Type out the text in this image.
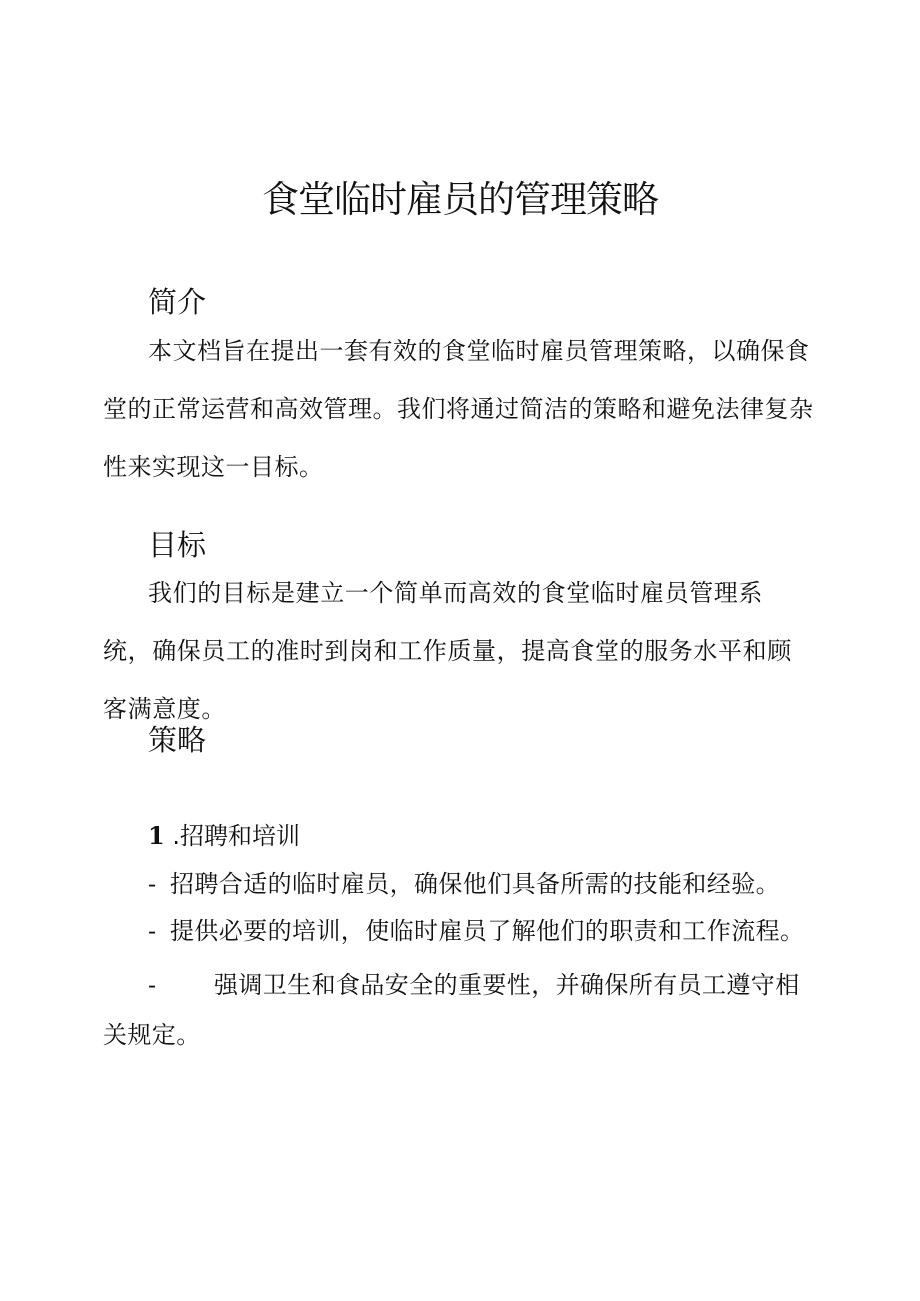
食堂临时雇员的管理策略
简介

本文档旨在提出一套有效的食堂临时雇员管理策略，以确保食堂的正常运营和高效管理。我们将通过简洁的策略和避免法律复杂性来实现这一目标。

目标

我们的目标是建立一个简单而高效的食堂临时雇员管理系统，确保员工的准时到岗和工作质量，提高食堂的服务水平和顾客满意度。

策略
1 .招聘和培训

- 招聘合适的临时雇员，确保他们具备所需的技能和经验。

- 提供必要的培训，使临时雇员了解他们的职责和工作流程。

- 强调卫生和食品安全的重要性，并确保所有员工遵守相关规定。
